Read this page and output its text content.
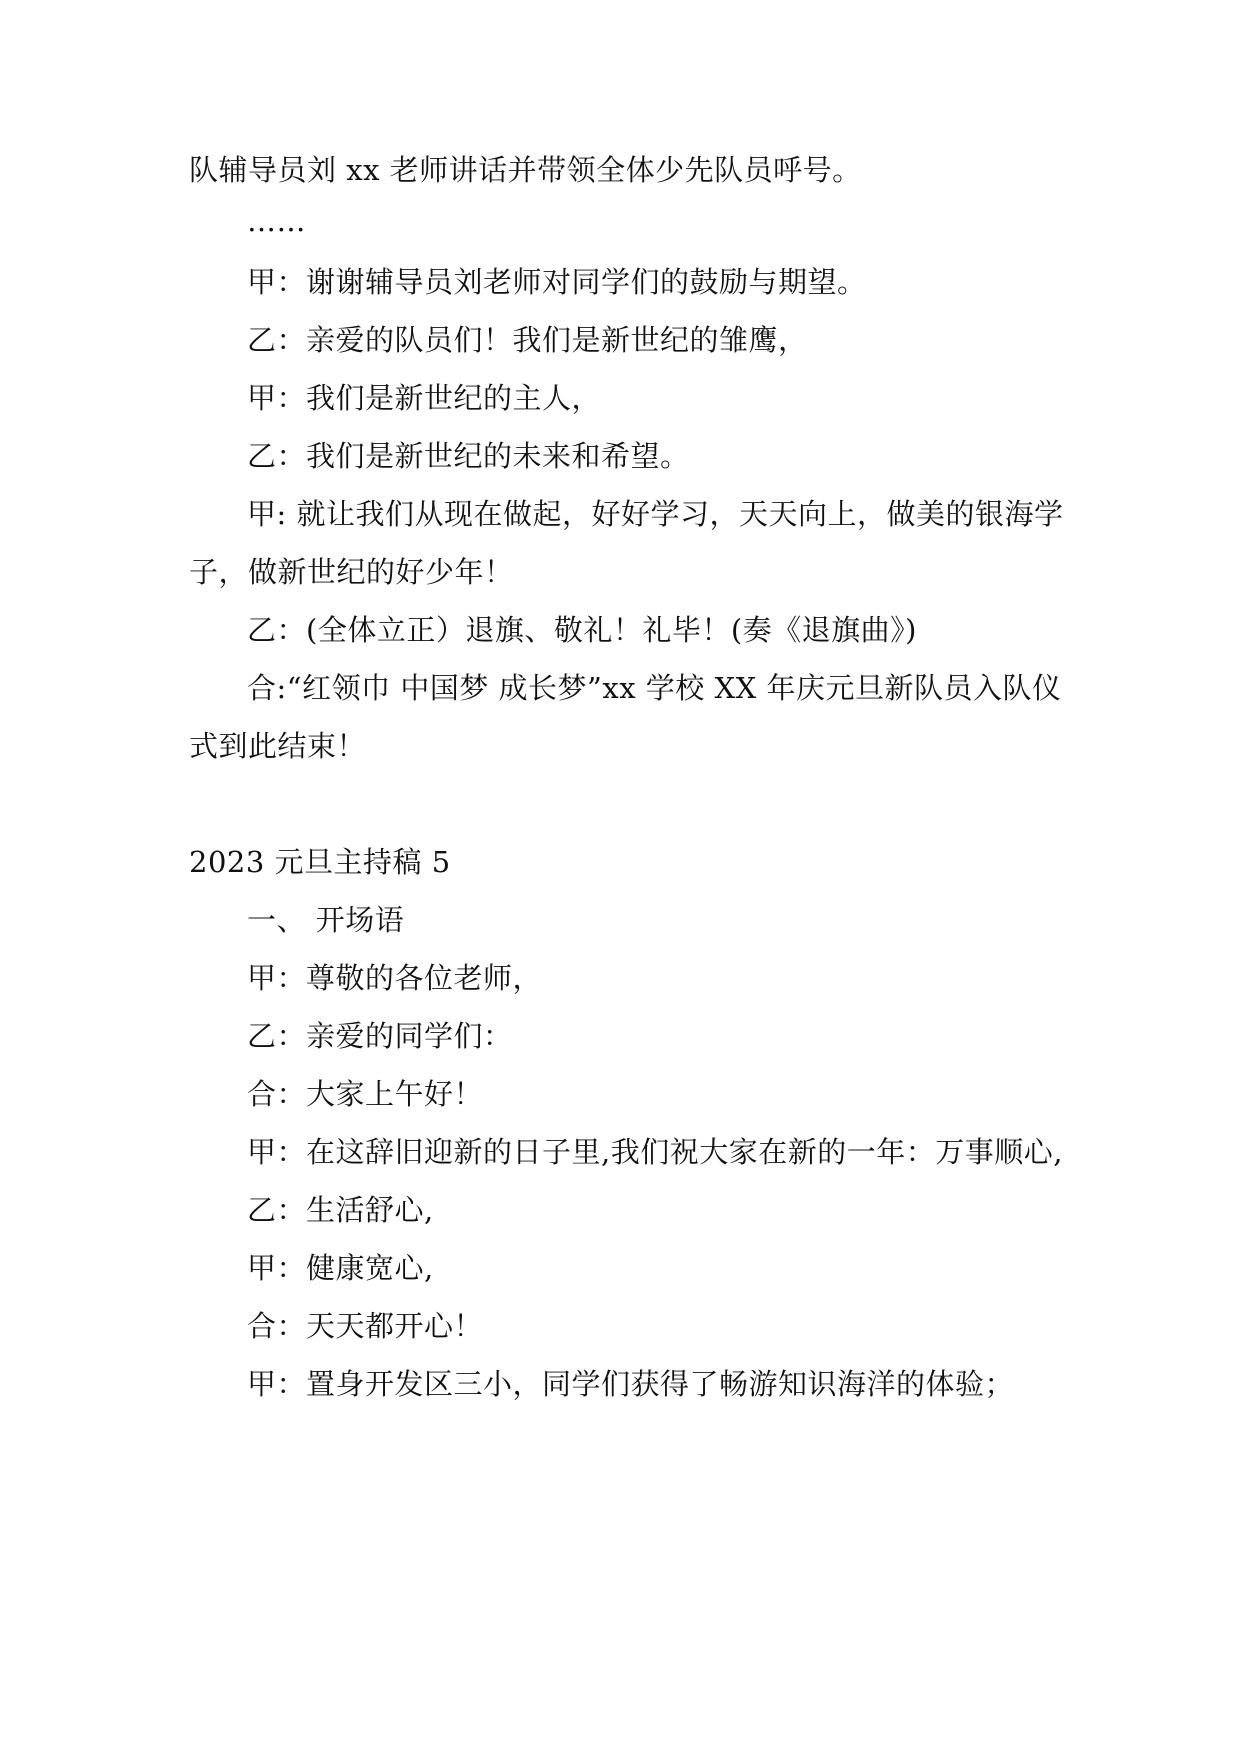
队辅导员刘 xx 老师讲话并带领全体少先队员呼号。
……
甲：谢谢辅导员刘老师对同学们的鼓励与期望。
乙：亲爱的队员们！我们是新世纪的雏鹰，
甲：我们是新世纪的主人，
乙：我们是新世纪的未来和希望。
甲: 就让我们从现在做起，好好学习，天天向上，做美的银海学
子，做新世纪的好少年！
乙：(全体立正）退旗、敬礼！礼毕！(奏《退旗曲》)
合:“红领巾 中国梦 成长梦”xx 学校 XX 年庆元旦新队员入队仪
式到此结束！
2023 元旦主持稿 5
一、 开场语
甲：尊敬的各位老师，
乙：亲爱的同学们：
合：大家上午好！
甲：在这辞旧迎新的日子里,我们祝大家在新的一年：万事顺心,
乙：生活舒心,
甲：健康宽心,
合：天天都开心！
甲：置身开发区三小，同学们获得了畅游知识海洋的体验；
